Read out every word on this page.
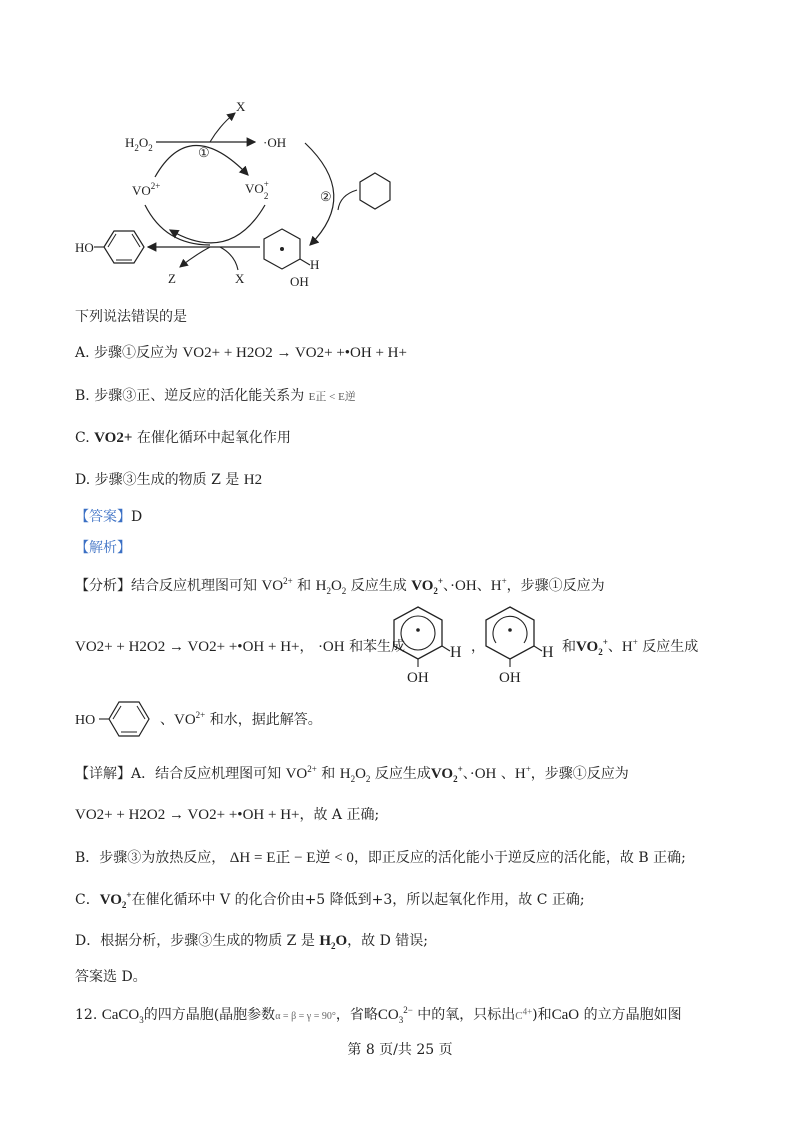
$H_2O_2$	·OH
X
①
$VO^{2+}$	VO+ 2	②
H
OH
Z	X
HO
下列说法错误的是
A. 步骤①反应为 VO2+ + H2O2 → VO2+ +•OH + H+
B. 步骤③正、逆反应的活化能关系为 E正 < E逆
C. VO2+ 在催化循环中起氧化作用
D. 步骤③生成的物质 Z 是 H2
【答案】D
【解析】
【分析】结合反应机理图可知 $VO^{2+}$ 和 $H_2O_2$ 反应生成 $VO_2^+$、·OH、H+，步骤①反应为
VO2+ + H2O2 → VO2+ +•OH + H+， ·OH 和苯生成	H
OH
，	H
OH
和$VO_2^+$、H+ 反应生成
HO	、$VO^{2+}$ 和水，据此解答。
【详解】A．结合反应机理图可知 $VO^{2+}$ 和 $H_2O_2$ 反应生成$VO_2^+$、·OH 、H+，步骤①反应为
VO2+ + H2O2 → VO2+ +•OH + H+，故 A 正确;
B．步骤③为放热反应， ΔH = E正 − E逆 < 0，即正反应的活化能小于逆反应的活化能，故 B 正确;
C．$VO_2^+$在催化循环中 V 的化合价由+5 降低到+3，所以起氧化作用，故 C 正确;
D．根据分析，步骤③生成的物质 Z 是 $H_2O$，故 D 错误;
答案选 D。
12. CaCO$_3$的四方晶胞(晶胞参数α = β = γ = 90°，省略$CO_3^{2-}$ 中的氧，只标出$C^{4+}$)和CaO 的立方晶胞如图
第 8 页/共 25 页
